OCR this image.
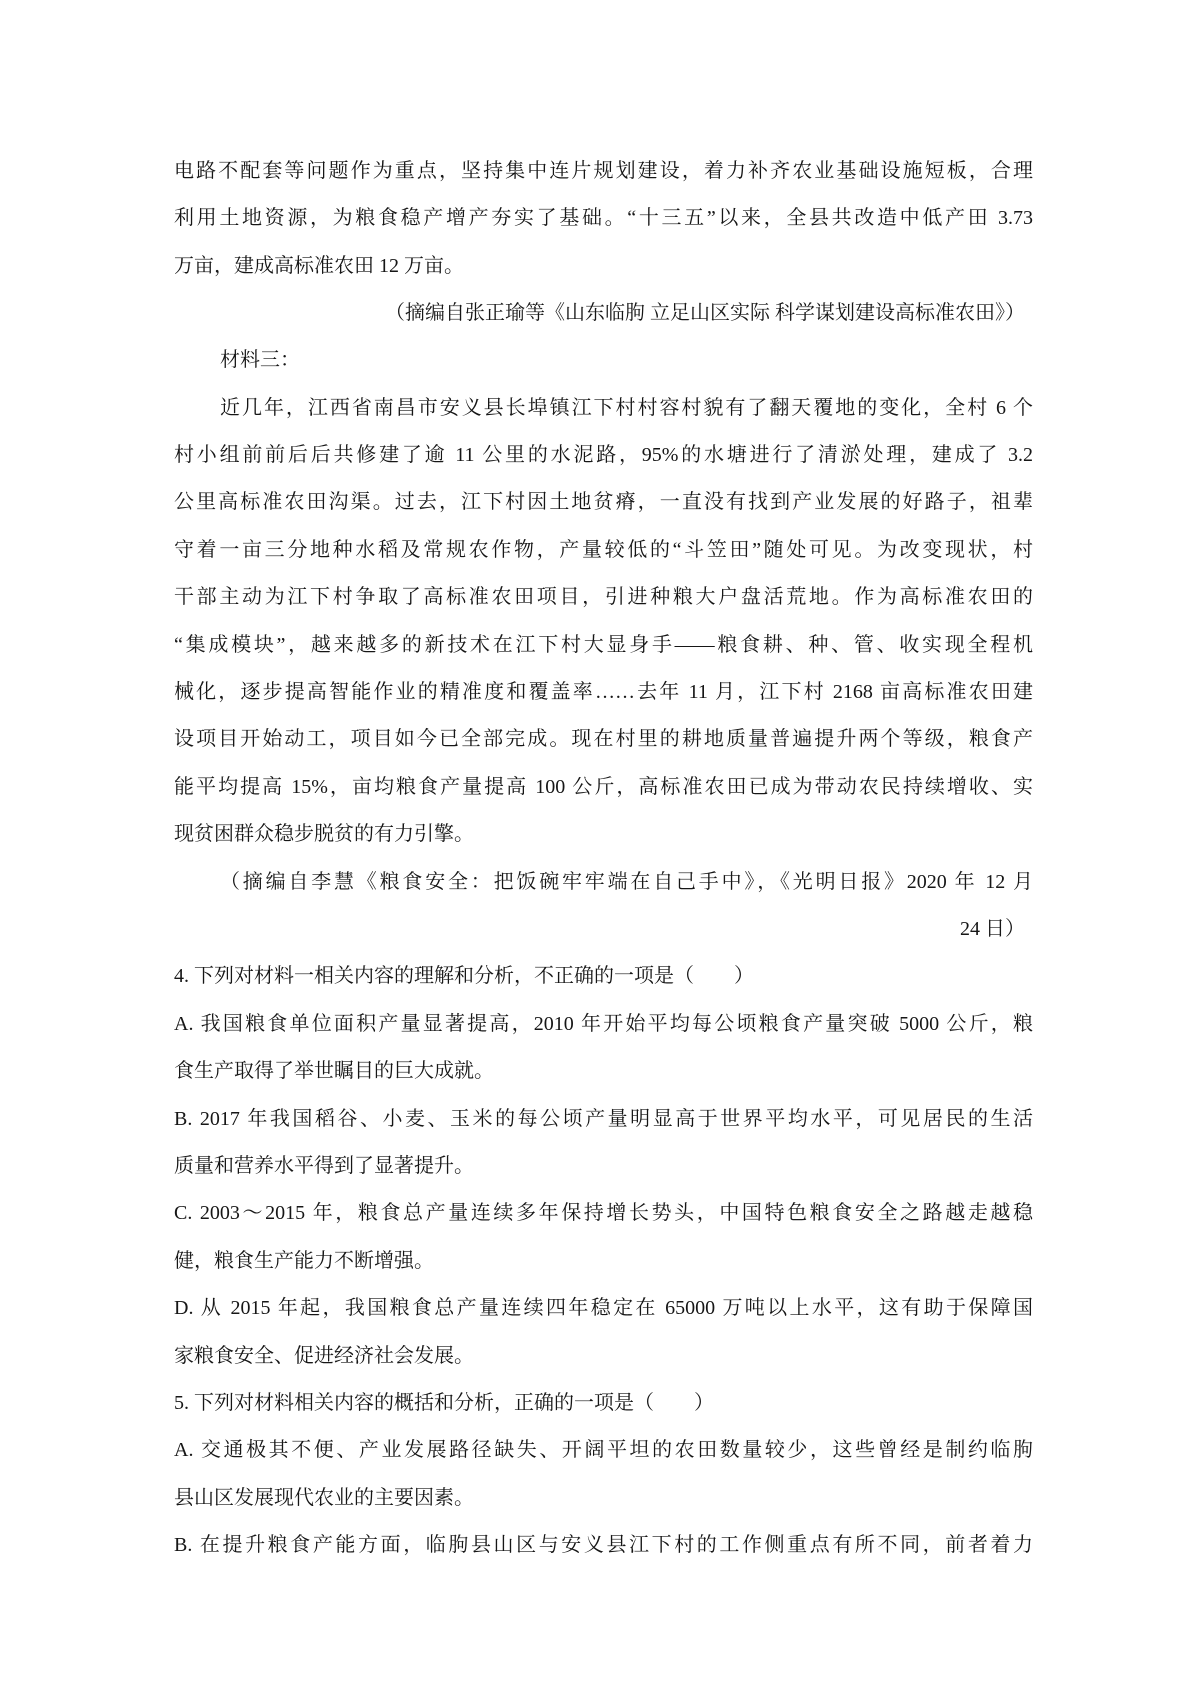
电路不配套等问题作为重点，坚持集中连片规划建设，着力补齐农业基础设施短板，合理
利用土地资源，为粮食稳产增产夯实了基础。“十三五”以来，全县共改造中低产田 3.73
万亩，建成高标准农田 12 万亩。
（摘编自张正瑜等《山东临朐 立足山区实际 科学谋划建设高标准农田》）
材料三：
近几年，江西省南昌市安义县长埠镇江下村村容村貌有了翻天覆地的变化，全村 6 个
村小组前前后后共修建了逾 11 公里的水泥路，95%的水塘进行了清淤处理，建成了 3.2
公里高标准农田沟渠。过去，江下村因土地贫瘠，一直没有找到产业发展的好路子，祖辈
守着一亩三分地种水稻及常规农作物，产量较低的“斗笠田”随处可见。为改变现状，村
干部主动为江下村争取了高标准农田项目，引进种粮大户盘活荒地。作为高标准农田的
“集成模块”，越来越多的新技术在江下村大显身手——粮食耕、种、管、收实现全程机
械化，逐步提高智能作业的精准度和覆盖率……去年 11 月，江下村 2168 亩高标准农田建
设项目开始动工，项目如今已全部完成。现在村里的耕地质量普遍提升两个等级，粮食产
能平均提高 15%，亩均粮食产量提高 100 公斤，高标准农田已成为带动农民持续增收、实
现贫困群众稳步脱贫的有力引擎。
（摘编自李慧《粮食安全：把饭碗牢牢端在自己手中》，《光明日报》2020 年 12 月
24 日）
4. 下列对材料一相关内容的理解和分析，不正确的一项是（　　）
A. 我国粮食单位面积产量显著提高，2010 年开始平均每公顷粮食产量突破 5000 公斤，粮
食生产取得了举世瞩目的巨大成就。
B. 2017 年我国稻谷、小麦、玉米的每公顷产量明显高于世界平均水平，可见居民的生活
质量和营养水平得到了显著提升。
C. 2003～2015 年，粮食总产量连续多年保持增长势头，中国特色粮食安全之路越走越稳
健，粮食生产能力不断增强。
D. 从 2015 年起，我国粮食总产量连续四年稳定在 65000 万吨以上水平，这有助于保障国
家粮食安全、促进经济社会发展。
5. 下列对材料相关内容的概括和分析，正确的一项是（　　）
A. 交通极其不便、产业发展路径缺失、开阔平坦的农田数量较少，这些曾经是制约临朐
县山区发展现代农业的主要因素。
B. 在提升粮食产能方面，临朐县山区与安义县江下村的工作侧重点有所不同，前者着力
